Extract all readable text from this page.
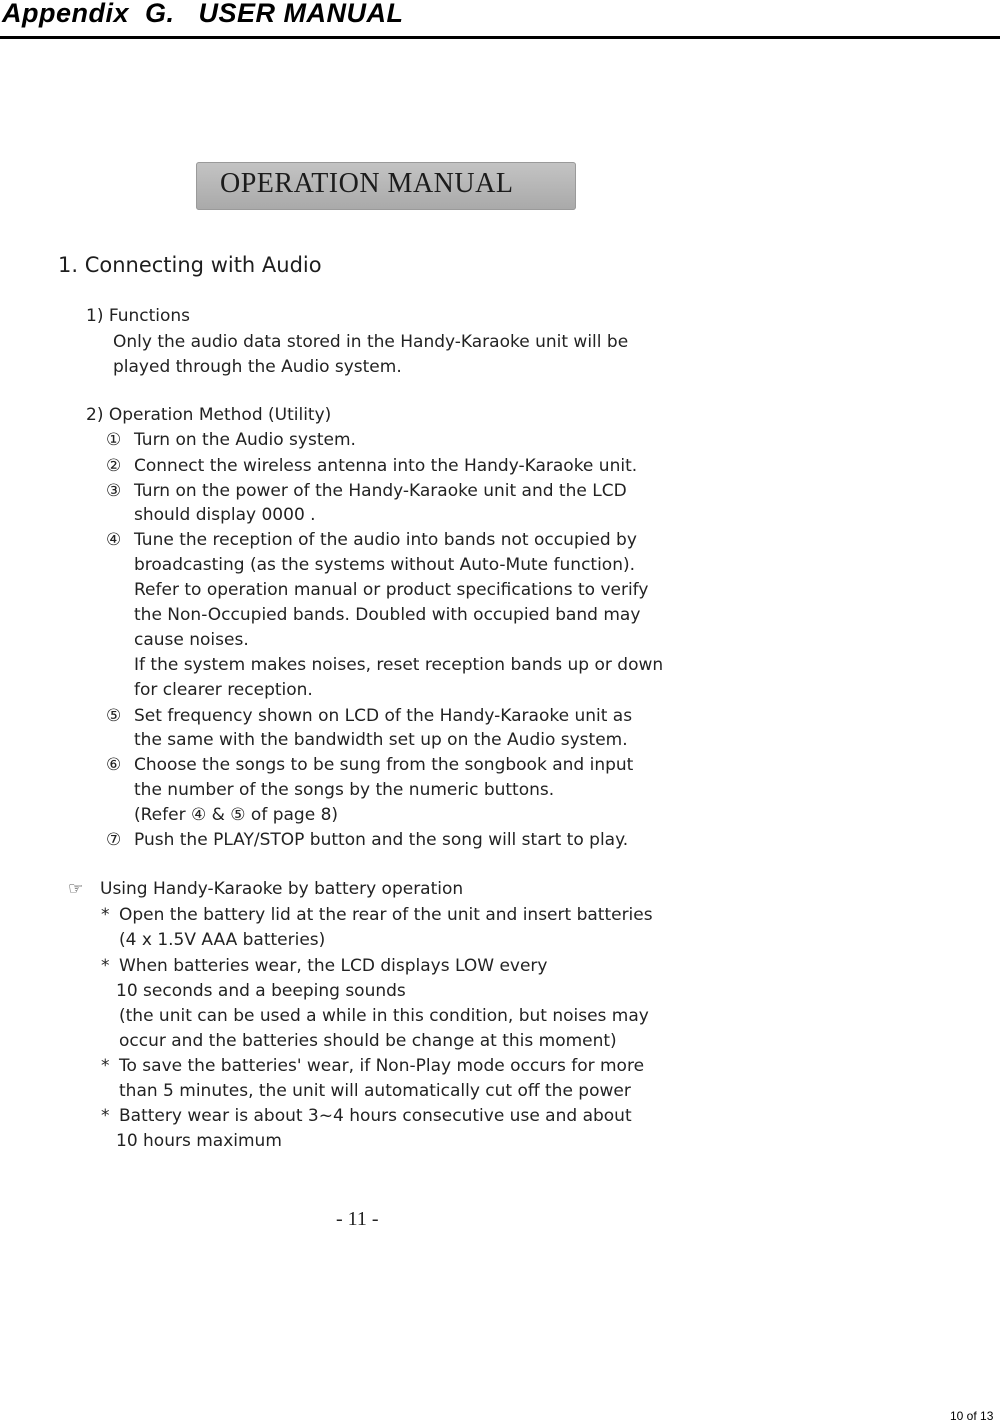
Appendix  G.   USER MANUAL
OPERATION MANUAL
1. Connecting with Audio
1) Functions
Only the audio data stored in the Handy-Karaoke unit will be
played through the Audio system.
2) Operation Method (Utility)
① Turn on the Audio system.
② Connect the wireless antenna into the Handy-Karaoke unit.
③ Turn on the power of the Handy-Karaoke unit and the LCD
should display 0000 .
④ Tune the reception of the audio into bands not occupied by
broadcasting (as the systems without Auto-Mute function).
Refer to operation manual or product specifications to verify
the Non-Occupied bands. Doubled with occupied band may
cause noises.
If the system makes noises, reset reception bands up or down
for clearer reception.
⑤ Set frequency shown on LCD of the Handy-Karaoke unit as
the same with the bandwidth set up on the Audio system.
⑥ Choose the songs to be sung from the songbook and input
the number of the songs by the numeric buttons.
(Refer ④ & ⑤ of page 8)
⑦ Push the PLAY/STOP button and the song will start to play.
☞ Using Handy-Karaoke by battery operation
* Open the battery lid at the rear of the unit and insert batteries
(4 x 1.5V AAA batteries)
* When batteries wear, the LCD displays LOW every
10 seconds and a beeping sounds
(the unit can be used a while in this condition, but noises may
occur and the batteries should be change at this moment)
* To save the batteries' wear, if Non-Play mode occurs for more
than 5 minutes, the unit will automatically cut off the power
* Battery wear is about 3~4 hours consecutive use and about
10 hours maximum
- 11 -
10 of 13
